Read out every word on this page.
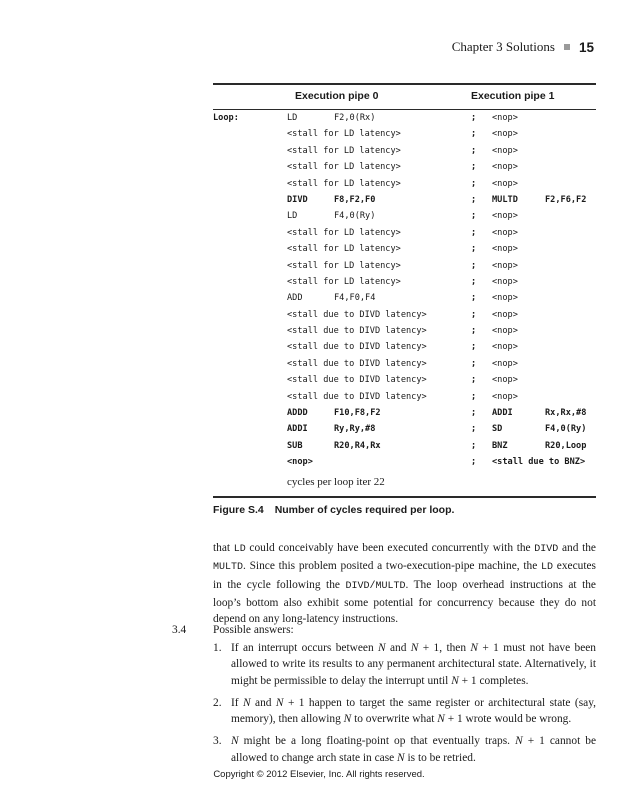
Chapter 3 Solutions 15
Execution pipe 0	Execution pipe 1
Loop:	LD	F2,0(Rx)	; <nop>
<stall for LD latency>	; <nop>
<stall for LD latency>	; <nop>
<stall for LD latency>	; <nop>
<stall for LD latency>	; <nop>
DIVD	F8,F2,F0	; MULTD	F2,F6,F2
LD	F4,0(Ry)	; <nop>
<stall for LD latency>	; <nop>
<stall for LD latency>	; <nop>
<stall for LD latency>	; <nop>
<stall for LD latency>	; <nop>
ADD	F4,F0,F4	; <nop>
<stall due to DIVD latency>	; <nop>
<stall due to DIVD latency>	; <nop>
<stall due to DIVD latency>	; <nop>
<stall due to DIVD latency>	; <nop>
<stall due to DIVD latency>	; <nop>
<stall due to DIVD latency>	; <nop>
ADDD	F10,F8,F2	; ADDI	Rx,Rx,#8
ADDI	Ry,Ry,#8	; SD	F4,0(Ry)
SUB	R20,R4,Rx	; BNZ	R20,Loop
<nop>	; <stall due to BNZ>
cycles per loop iter 22
Figure S.4 Number of cycles required per loop.
that LD could conceivably have been executed concurrently with the DIVD and the MULTD. Since this problem posited a two-execution-pipe machine, the LD executes in the cycle following the DIVD/MULTD. The loop overhead instructions at the loop’s bottom also exhibit some potential for concurrency because they do not depend on any long-latency instructions.
3.4 Possible answers:
1. If an interrupt occurs between N and N + 1, then N + 1 must not have been allowed to write its results to any permanent architectural state. Alternatively, it might be permissible to delay the interrupt until N + 1 completes.
2. If N and N + 1 happen to target the same register or architectural state (say, memory), then allowing N to overwrite what N + 1 wrote would be wrong.
3. N might be a long floating-point op that eventually traps. N + 1 cannot be allowed to change arch state in case N is to be retried.
Copyright © 2012 Elsevier, Inc. All rights reserved.
